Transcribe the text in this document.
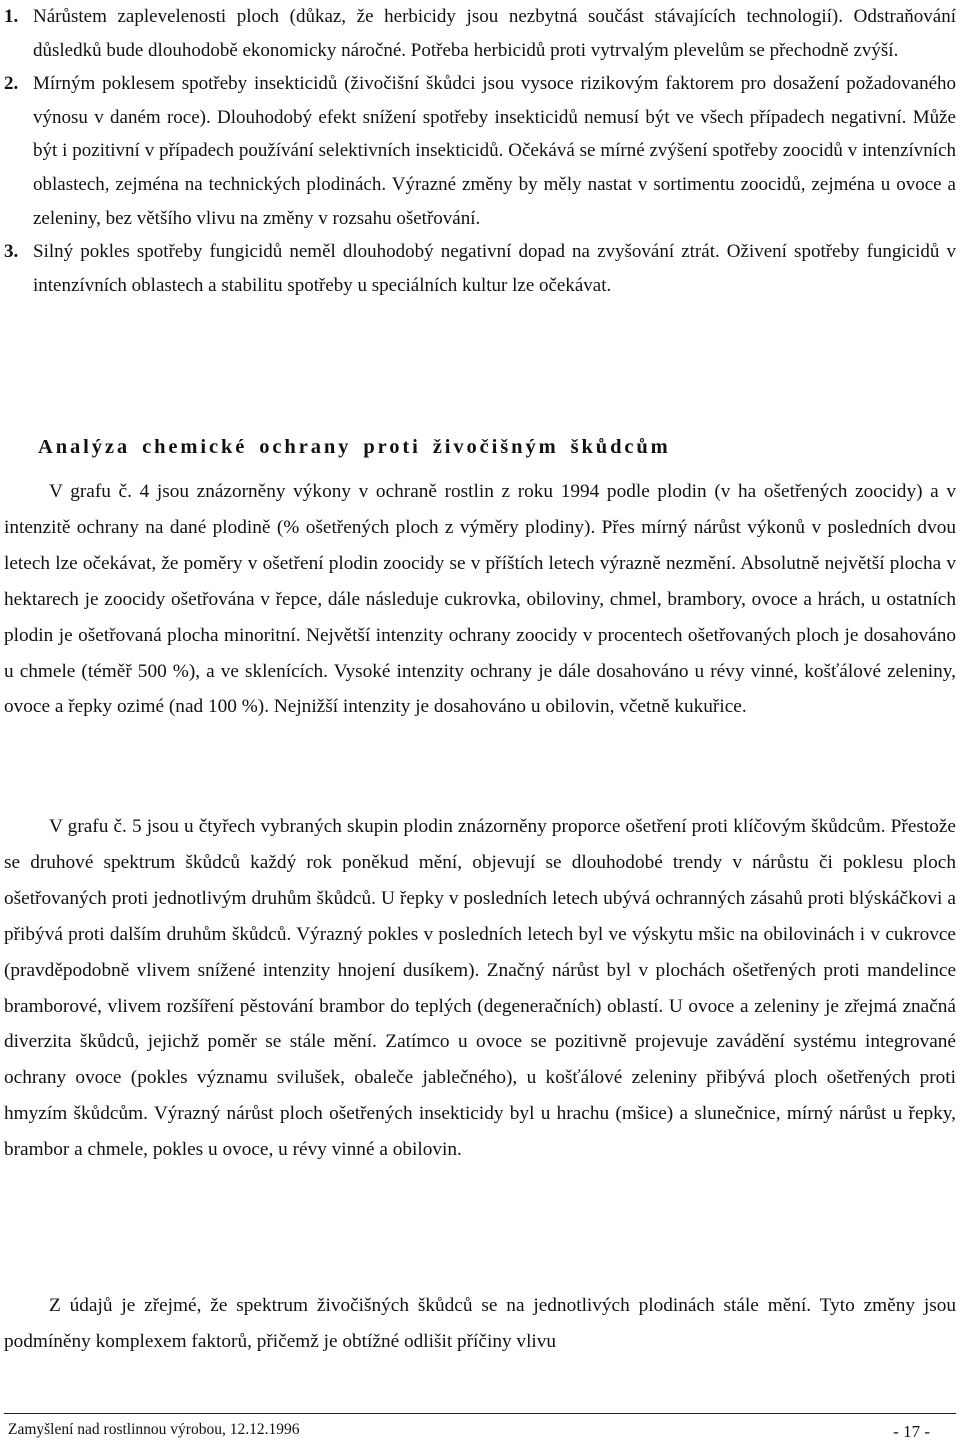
1. Nárůstem zaplevelenosti ploch (důkaz, že herbicidy jsou nezbytná součást stávajících technologií). Odstraňování důsledků bude dlouhodobě ekonomicky náročné. Potřeba herbicidů proti vytrvalým plevelům se přechodně zvýší.

2. Mírným poklesem spotřeby insekticidů (živočišní škůdci jsou vysoce rizikovým faktorem pro dosažení požadovaného výnosu v daném roce). Dlouhodobý efekt snížení spotřeby insekticidů nemusí být ve všech případech negativní. Může být i pozitivní v případech používání selektivních insekticidů. Očekává se mírné zvýšení spotřeby zoocidů v intenzívních oblastech, zejména na technických plodinách. Výrazné změny by měly nastat v sortimentu zoocidů, zejména u ovoce a zeleniny, bez většího vlivu na změny v rozsahu ošetřování.

3. Silný pokles spotřeby fungicidů neměl dlouhodobý negativní dopad na zvyšování ztrát. Oživení spotřeby fungicidů v intenzívních oblastech a stabilitu spotřeby u speciálních kultur lze očekávat.

Analýza chemické ochrany proti živočišným škůdcům

V grafu č. 4 jsou znázorněny výkony v ochraně rostlin z roku 1994 podle plodin (v ha ošetřených zoocidy) a v intenzitě ochrany na dané plodině (% ošetřených ploch z výměry plodiny). Přes mírný nárůst výkonů v posledních dvou letech lze očekávat, že poměry v ošetření plodin zoocidy se v příštích letech výrazně nezmění. Absolutně největší plocha v hektarech je zoocidy ošetřována v řepce, dále následuje cukrovka, obiloviny, chmel, brambory, ovoce a hrách, u ostatních plodin je ošetřovaná plocha minoritní. Největší intenzity ochrany zoocidy v procentech ošetřovaných ploch je dosahováno u chmele (téměř 500 %), a ve sklenících. Vysoké intenzity ochrany je dále dosahováno u révy vinné, košťálové zeleniny, ovoce a řepky ozimé (nad 100 %). Nejnižší intenzity je dosahováno u obilovin, včetně kukuřice.

V grafu č. 5 jsou u čtyřech vybraných skupin plodin znázorněny proporce ošetření proti klíčovým škůdcům. Přestože se druhové spektrum škůdců každý rok poněkud mění, objevují se dlouhodobé trendy v nárůstu či poklesu ploch ošetřovaných proti jednotlivým druhům škůdců. U řepky v posledních letech ubývá ochranných zásahů proti blýskáčkovi a přibývá proti dalším druhům škůdců. Výrazný pokles v posledních letech byl ve výskytu mšic na obilovinách i v cukrovce (pravděpodobně vlivem snížené intenzity hnojení dusíkem). Značný nárůst byl v plochách ošetřených proti mandelince bramborové, vlivem rozšíření pěstování brambor do teplých (degeneračních) oblastí. U ovoce a zeleniny je zřejmá značná diverzita škůdců, jejichž poměr se stále mění. Zatímco u ovoce se pozitivně projevuje zavádění systému integrované ochrany ovoce (pokles významu svilušek, obaleče jablečného), u košťálové zeleniny přibývá ploch ošetřených proti hmyzím škůdcům. Výrazný nárůst ploch ošetřených insekticidy byl u hrachu (mšice) a slunečnice, mírný nárůst u řepky, brambor a chmele, pokles u ovoce, u révy vinné a obilovin.

Z údajů je zřejmé, že spektrum živočišných škůdců se na jednotlivých plodinách stále mění. Tyto změny jsou podmíněny komplexem faktorů, přičemž je obtížné odlišit příčiny vlivu

Zamyšlení nad rostlinnou výrobou, 12.12.1996	- 17 -
